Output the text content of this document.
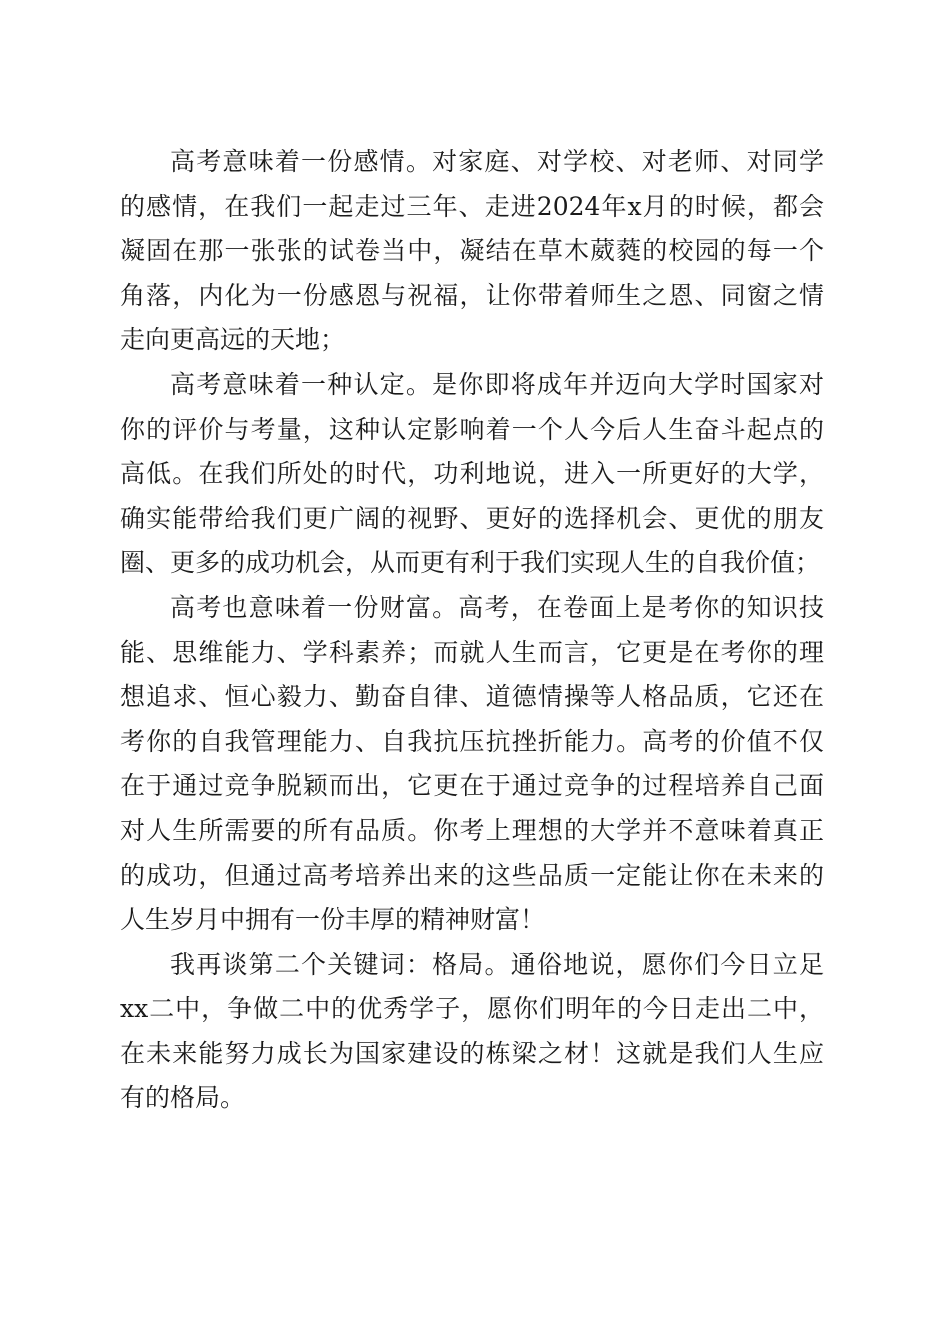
高考意味着一份感情。对家庭、对学校、对老师、对同学
的感情，在我们一起走过三年、走进2024年x月的时候，都会
凝固在那一张张的试卷当中，凝结在草木葳蕤的校园的每一个
角落，内化为一份感恩与祝福，让你带着师生之恩、同窗之情
走向更高远的天地；
高考意味着一种认定。是你即将成年并迈向大学时国家对
你的评价与考量，这种认定影响着一个人今后人生奋斗起点的
高低。在我们所处的时代，功利地说，进入一所更好的大学，
确实能带给我们更广阔的视野、更好的选择机会、更优的朋友
圈、更多的成功机会，从而更有利于我们实现人生的自我价值；
高考也意味着一份财富。高考，在卷面上是考你的知识技
能、思维能力、学科素养；而就人生而言，它更是在考你的理
想追求、恒心毅力、勤奋自律、道德情操等人格品质，它还在
考你的自我管理能力、自我抗压抗挫折能力。高考的价值不仅
在于通过竞争脱颖而出，它更在于通过竞争的过程培养自己面
对人生所需要的所有品质。你考上理想的大学并不意味着真正
的成功，但通过高考培养出来的这些品质一定能让你在未来的
人生岁月中拥有一份丰厚的精神财富！
我再谈第二个关键词：格局。通俗地说，愿你们今日立足
xx二中，争做二中的优秀学子，愿你们明年的今日走出二中，
在未来能努力成长为国家建设的栋梁之材！这就是我们人生应
有的格局。
